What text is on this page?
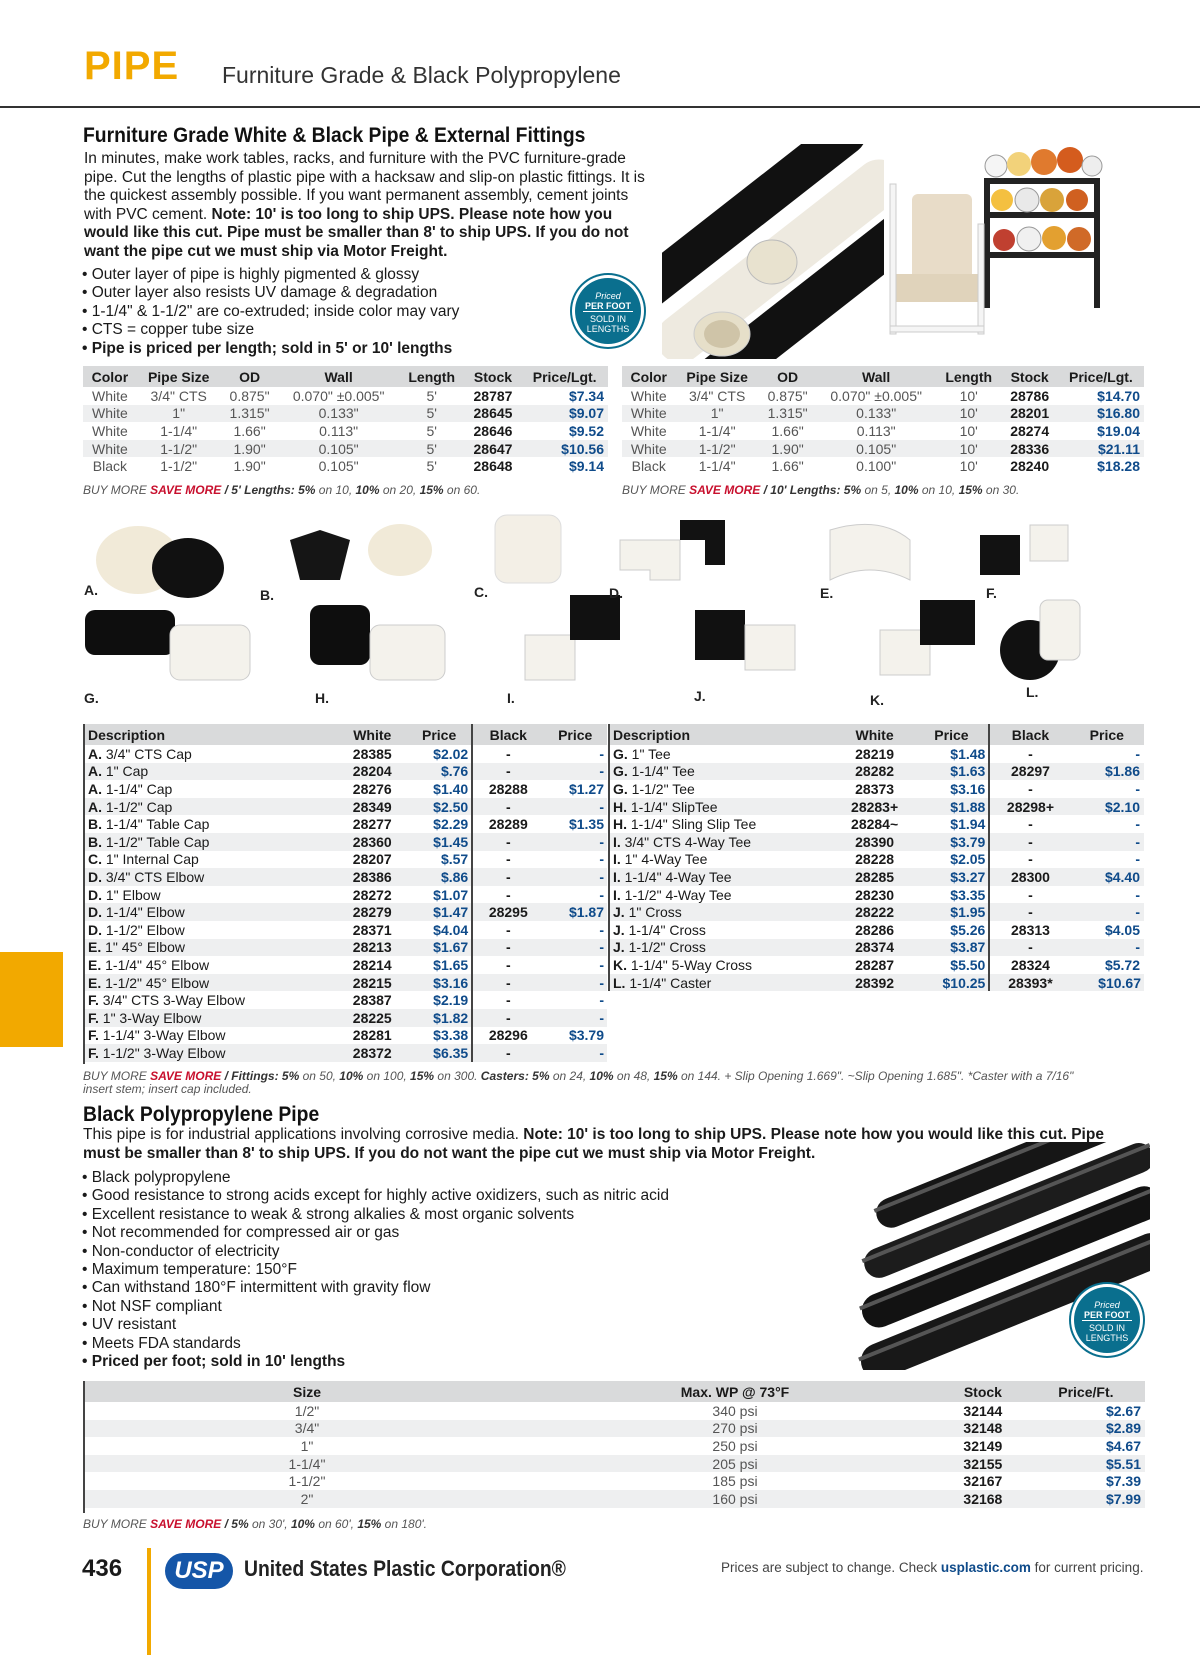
PIPE Furniture Grade & Black Polypropylene
Furniture Grade White & Black Pipe & External Fittings
In minutes, make work tables, racks, and furniture with the PVC furniture-grade pipe. Cut the lengths of plastic pipe with a hacksaw and slip-on plastic fittings. It is the quickest assembly possible. If you want permanent assembly, cement joints with PVC cement. Note: 10' is too long to ship UPS. Please note how you would like this cut. Pipe must be smaller than 8' to ship UPS. If you do not want the pipe cut we must ship via Motor Freight.
• Outer layer of pipe is highly pigmented & glossy
• Outer layer also resists UV damage & degradation
• 1-1/4" & 1-1/2" are co-extruded; inside color may vary
• CTS = copper tube size
• Pipe is priced per length; sold in 5' or 10' lengths
Priced
PER FOOT
SOLD IN
LENGTHS
Color	Pipe Size	OD	Wall	Length	Stock	Price/Lgt.
White	3/4" CTS	0.875"	0.070" ±0.005"	5'	28787	$7.34
White	1"	1.315"	0.133"	5'	28645	$9.07
White	1-1/4"	1.66"	0.113"	5'	28646	$9.52
White	1-1/2"	1.90"	0.105"	5'	28647	$10.56
Black	1-1/2"	1.90"	0.105"	5'	28648	$9.14
BUY MORE SAVE MORE / 5' Lengths: 5% on 10, 10% on 20, 15% on 60.
Color	Pipe Size	OD	Wall	Length	Stock	Price/Lgt.
White	3/4" CTS	0.875"	0.070" ±0.005"	10'	28786	$14.70
White	1"	1.315"	0.133"	10'	28201	$16.80
White	1-1/4"	1.66"	0.113"	10'	28274	$19.04
White	1-1/2"	1.90"	0.105"	10'	28336	$21.11
Black	1-1/4"	1.66"	0.100"	10'	28240	$18.28
BUY MORE SAVE MORE / 10' Lengths: 5% on 5, 10% on 10, 15% on 30.
A.	B.	C.	D.	E.	F.
G.	H.	I.	J.	K.	L.
Description	White	Price	Black	Price
A. 3/4" CTS Cap	28385	$2.02	-	-
A. 1" Cap	28204	$.76	-	-
A. 1-1/4" Cap	28276	$1.40	28288	$1.27
A. 1-1/2" Cap	28349	$2.50	-	-
B. 1-1/4" Table Cap	28277	$2.29	28289	$1.35
B. 1-1/2" Table Cap	28360	$1.45	-	-
C. 1" Internal Cap	28207	$.57	-	-
D. 3/4" CTS Elbow	28386	$.86	-	-
D. 1" Elbow	28272	$1.07	-	-
D. 1-1/4" Elbow	28279	$1.47	28295	$1.87
D. 1-1/2" Elbow	28371	$4.04	-	-
E. 1" 45° Elbow	28213	$1.67	-	-
E. 1-1/4" 45° Elbow	28214	$1.65	-	-
E. 1-1/2" 45° Elbow	28215	$3.16	-	-
F. 3/4" CTS 3-Way Elbow	28387	$2.19	-	-
F. 1" 3-Way Elbow	28225	$1.82	-	-
F. 1-1/4" 3-Way Elbow	28281	$3.38	28296	$3.79
F. 1-1/2" 3-Way Elbow	28372	$6.35	-	-
Description	White	Price	Black	Price
G. 1" Tee	28219	$1.48	-	-
G. 1-1/4" Tee	28282	$1.63	28297	$1.86
G. 1-1/2" Tee	28373	$3.16	-	-
H. 1-1/4" SlipTee	28283+	$1.88	28298+	$2.10
H. 1-1/4" Sling Slip Tee	28284~	$1.94	-	-
I. 3/4" CTS 4-Way Tee	28390	$3.79	-	-
I. 1" 4-Way Tee	28228	$2.05	-	-
I. 1-1/4" 4-Way Tee	28285	$3.27	28300	$4.40
I. 1-1/2" 4-Way Tee	28230	$3.35	-	-
J. 1" Cross	28222	$1.95	-	-
J. 1-1/4" Cross	28286	$5.26	28313	$4.05
J. 1-1/2" Cross	28374	$3.87	-	-
K. 1-1/4" 5-Way Cross	28287	$5.50	28324	$5.72
L. 1-1/4" Caster	28392	$10.25	28393*	$10.67
BUY MORE SAVE MORE / Fittings: 5% on 50, 10% on 100, 15% on 300. Casters: 5% on 24, 10% on 48, 15% on 144. + Slip Opening 1.669". ~Slip Opening 1.685". *Caster with a 7/16"
insert stem; insert cap included.
Black Polypropylene Pipe
This pipe is for industrial applications involving corrosive media. Note: 10' is too long to ship UPS. Please note how you would like this cut. Pipe must be smaller than 8' to ship UPS. If you do not want the pipe cut we must ship via Motor Freight.
• Black polypropylene
• Good resistance to strong acids except for highly active oxidizers, such as nitric acid
• Excellent resistance to weak & strong alkalies & most organic solvents
• Not recommended for compressed air or gas
• Non-conductor of electricity
• Maximum temperature: 150°F
• Can withstand 180°F intermittent with gravity flow
• Not NSF compliant
• UV resistant
• Meets FDA standards
• Priced per foot; sold in 10' lengths
Priced
PER FOOT
SOLD IN
LENGTHS
Size	Max. WP @ 73°F	Stock	Price/Ft.
1/2"	340 psi	32144	$2.67
3/4"	270 psi	32148	$2.89
1"	250 psi	32149	$4.67
1-1/4"	205 psi	32155	$5.51
1-1/2"	185 psi	32167	$7.39
2"	160 psi	32168	$7.99
BUY MORE SAVE MORE / 5% on 30', 10% on 60', 15% on 180'.
436	USP United States Plastic Corporation®	Prices are subject to change. Check usplastic.com for current pricing.
